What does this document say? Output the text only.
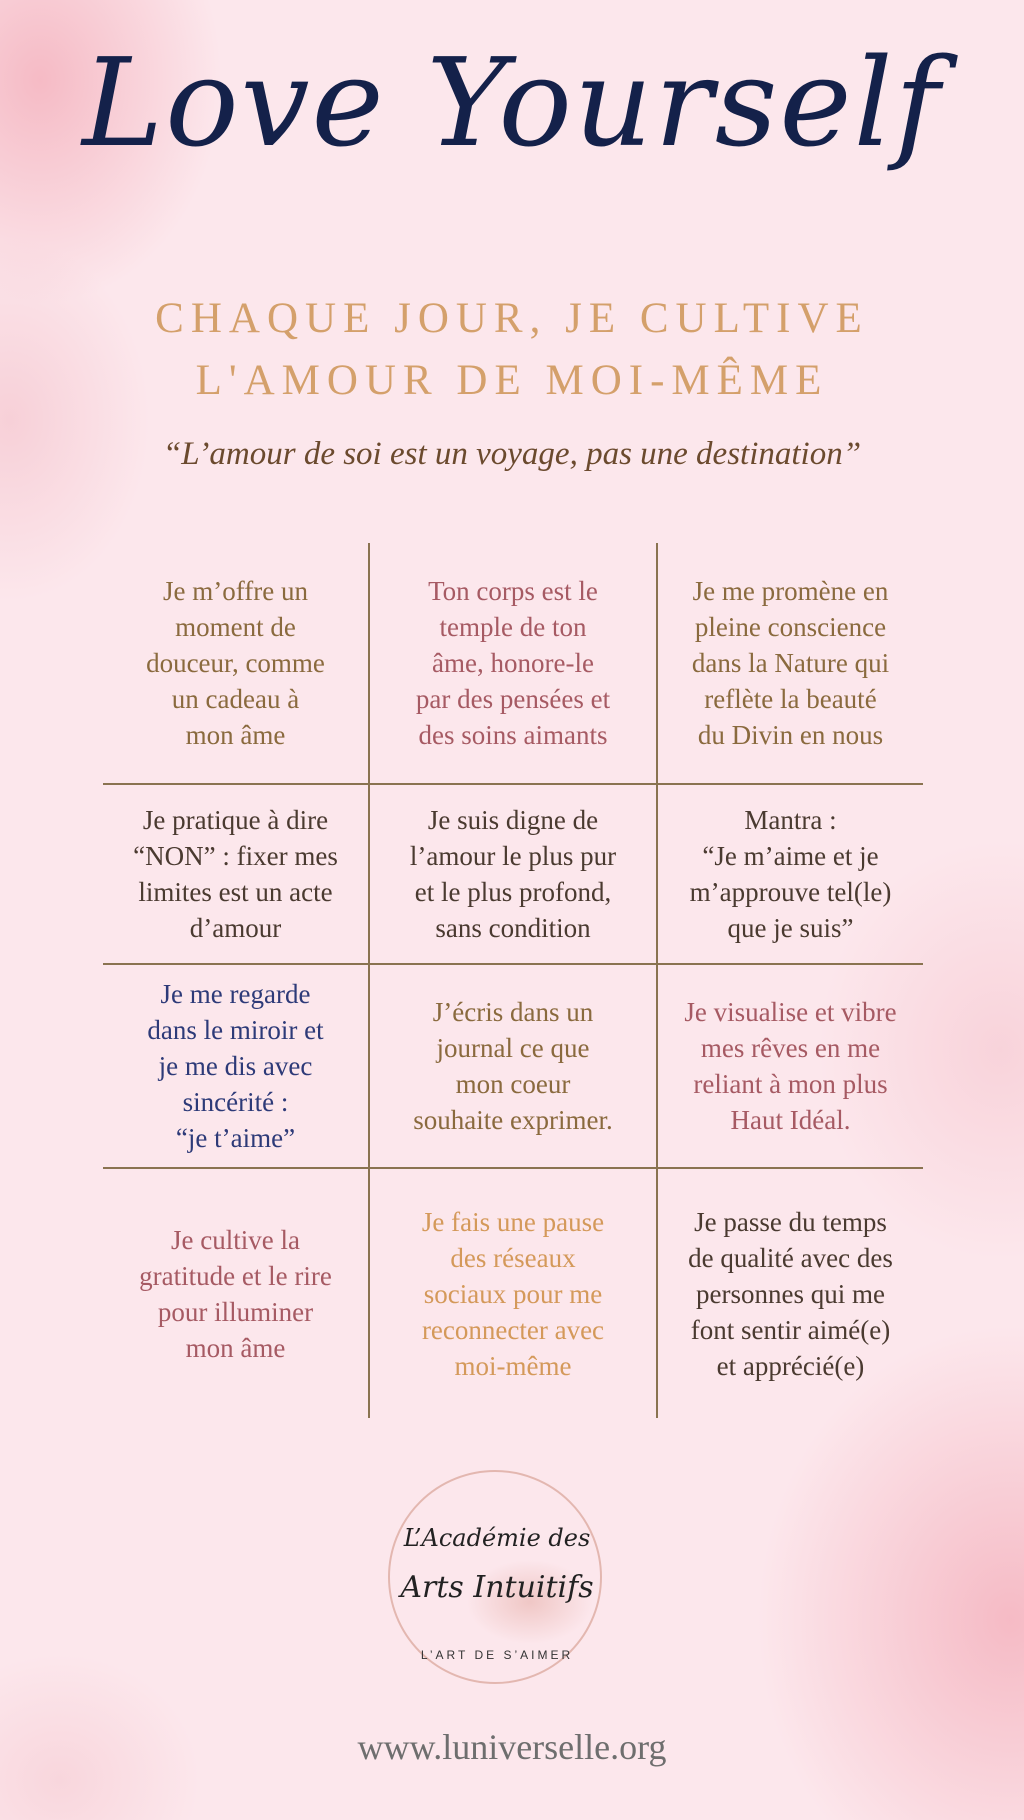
Love Yourself
CHAQUE JOUR, JE CULTIVE
L'AMOUR DE MOI-MÊME
“L’amour de soi est un voyage, pas une destination”
Je m’offre un
moment de
douceur, comme
un cadeau à
mon âme
Ton corps est le
temple de ton
âme, honore-le
par des pensées et
des soins aimants
Je me promène en
pleine conscience
dans la Nature qui
reflète la beauté
du Divin en nous
Je pratique à dire
“NON” : fixer mes
limites est un acte
d’amour
Je suis digne de
l’amour le plus pur
et le plus profond,
sans condition
Mantra :
“Je m’aime et je
m’approuve tel(le)
que je suis”
Je me regarde
dans le miroir et
je me dis avec
sincérité :
“je t’aime”
J’écris dans un
journal ce que
mon coeur
souhaite exprimer.
Je visualise et vibre
mes rêves en me
reliant à mon plus
Haut Idéal.
Je cultive la
gratitude et le rire
pour illuminer
mon âme
Je fais une pause
des réseaux
sociaux pour me
reconnecter avec
moi-même
Je passe du temps
de qualité avec des
personnes qui me
font sentir aimé(e)
et apprécié(e)
L’Académie des
Arts Intuitifs
L’ART DE S’AIMER
www.luniverselle.org
